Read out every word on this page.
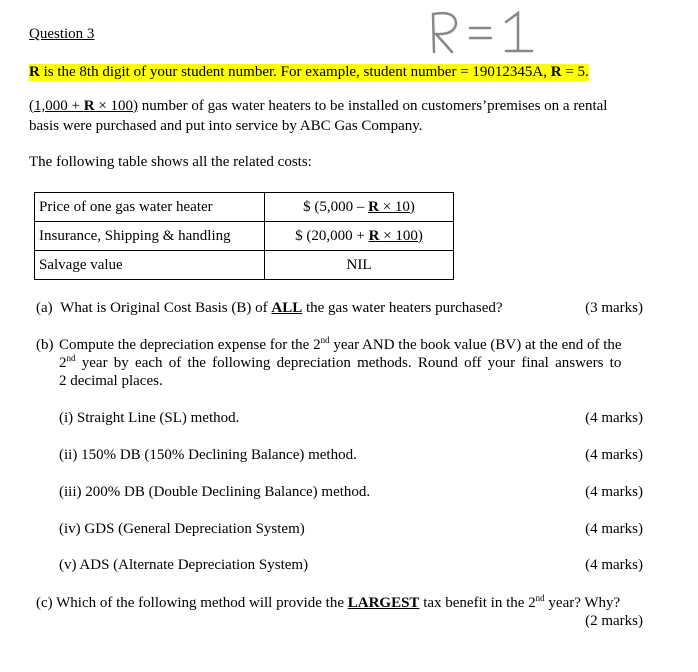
Question 3
R is the 8th digit of your student number. For example, student number = 19012345A, R = 5.
(1,000 + R × 100) number of gas water heaters to be installed on customers’premises on a rental
basis were purchased and put into service by ABC Gas Company.
The following table shows all the related costs:
Price of one gas water heater	$ (5,000 – R × 10)
Insurance, Shipping & handling	$ (20,000 + R × 100)
Salvage value	NIL
(a) What is Original Cost Basis (B) of ALL the gas water heaters purchased?	(3 marks)
(b) Compute the depreciation expense for the 2nd year AND the book value (BV) at the end of the
2nd year by each of the following depreciation methods. Round off your final answers to
2 decimal places.
(i) Straight Line (SL) method.	(4 marks)
(ii) 150% DB (150% Declining Balance) method.	(4 marks)
(iii) 200% DB (Double Declining Balance) method.	(4 marks)
(iv) GDS (General Depreciation System)	(4 marks)
(v) ADS (Alternate Depreciation System)	(4 marks)
(c) Which of the following method will provide the LARGEST tax benefit in the 2nd year? Why?
(2 marks)
